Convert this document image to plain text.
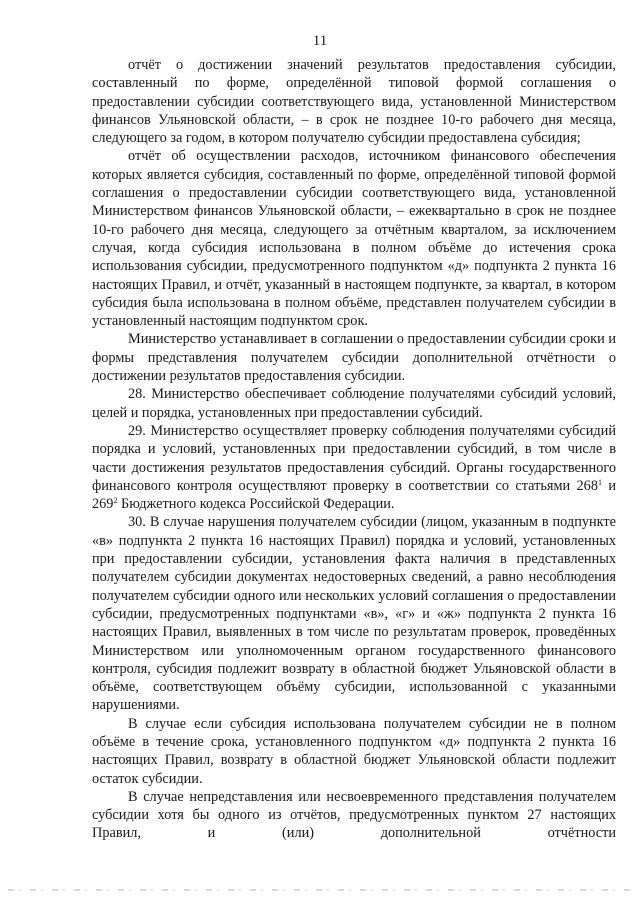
11

отчёт о достижении значений результатов предоставления субсидии, составленный по форме, определённой типовой формой соглашения о предоставлении субсидии соответствующего вида, установленной Министерством финансов Ульяновской области, – в срок не позднее 10-го рабочего дня месяца, следующего за годом, в котором получателю субсидии предоставлена субсидия;

отчёт об осуществлении расходов, источником финансового обеспечения которых является субсидия, составленный по форме, определённой типовой формой соглашения о предоставлении субсидии соответствующего вида, установленной Министерством финансов Ульяновской области, – ежеквартально в срок не позднее 10-го рабочего дня месяца, следующего за отчётным кварталом, за исключением случая, когда субсидия использована в полном объёме до истечения срока использования субсидии, предусмотренного подпунктом «д» подпункта 2 пункта 16 настоящих Правил, и отчёт, указанный в настоящем подпункте, за квартал, в котором субсидия была использована в полном объёме, представлен получателем субсидии в установленный настоящим подпунктом срок.

Министерство устанавливает в соглашении о предоставлении субсидии сроки и формы представления получателем субсидии дополнительной отчётности о достижении результатов предоставления субсидии.

28. Министерство обеспечивает соблюдение получателями субсидий условий, целей и порядка, установленных при предоставлении субсидий.

29. Министерство осуществляет проверку соблюдения получателями субсидий порядка и условий, установленных при предоставлении субсидий, в том числе в части достижения результатов предоставления субсидий. Органы государственного финансового контроля осуществляют проверку в соответствии со статьями $268^1$ и $269^2$ Бюджетного кодекса Российской Федерации.

30. В случае нарушения получателем субсидии (лицом, указанным в подпункте «в» подпункта 2 пункта 16 настоящих Правил) порядка и условий, установленных при предоставлении субсидии, установления факта наличия в представленных получателем субсидии документах недостоверных сведений, а равно несоблюдения получателем субсидии одного или нескольких условий соглашения о предоставлении субсидии, предусмотренных подпунктами «в», «г» и «ж» подпункта 2 пункта 16 настоящих Правил, выявленных в том числе по результатам проверок, проведённых Министерством или уполномоченным органом государственного финансового контроля, субсидия подлежит возврату в областной бюджет Ульяновской области в объёме, соответствующем объёму субсидии, использованной с указанными нарушениями.

В случае если субсидия использована получателем субсидии не в полном объёме в течение срока, установленного подпунктом «д» подпункта 2 пункта 16 настоящих Правил, возврату в областной бюджет Ульяновской области подлежит остаток субсидии.

В случае непредставления или несвоевременного представления получателем субсидии хотя бы одного из отчётов, предусмотренных пунктом 27 настоящих Правил, и (или) дополнительной отчётности
